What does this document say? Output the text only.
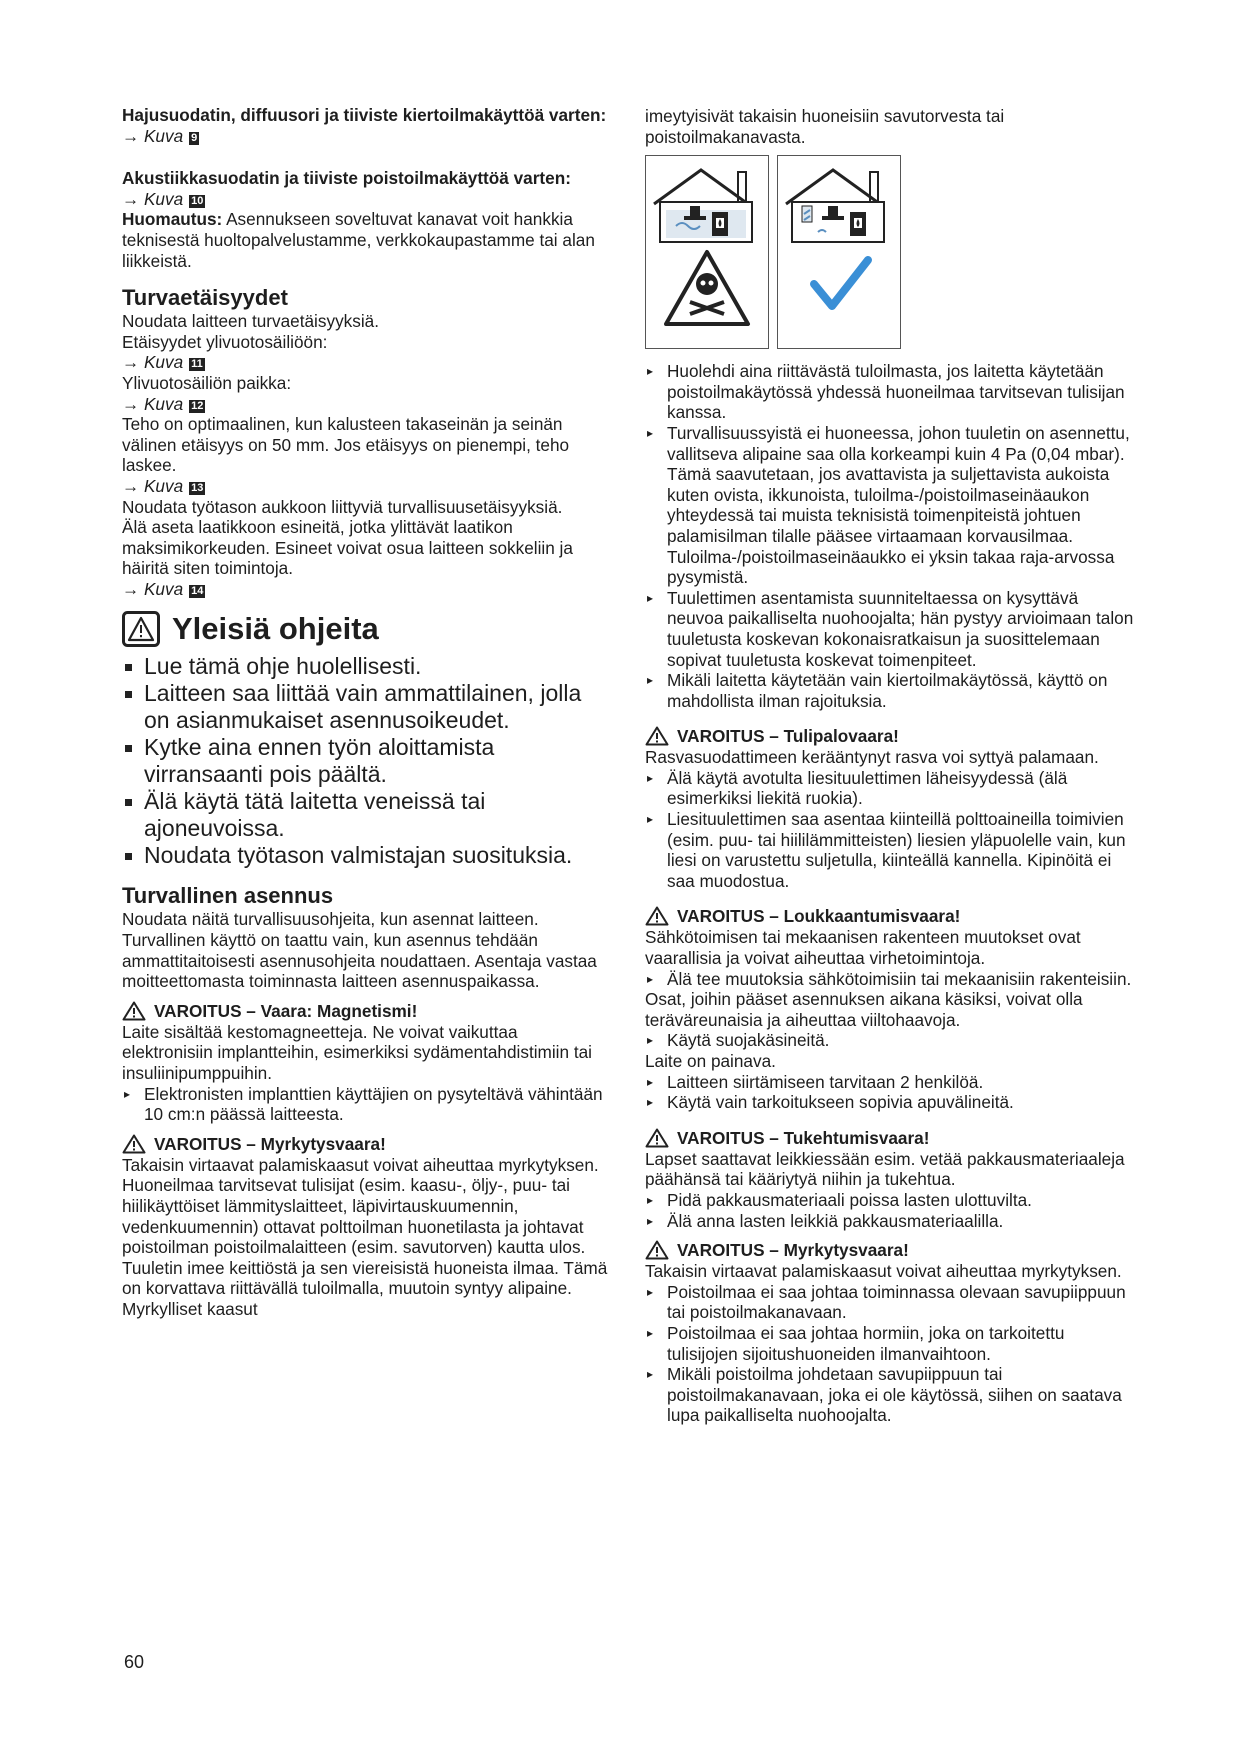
Hajusuodatin, diffuusori ja tiiviste kiertoilmakäyttöä varten:

→ Kuva 9

Akustiikkasuodatin ja tiiviste poistoilmakäyttöä varten:

→ Kuva 10

Huomautus: Asennukseen soveltuvat kanavat voit hankkia teknisestä huoltopalvelustamme, verkkokaupastamme tai alan liikkeistä.

Turvaetäisyydet

Noudata laitteen turvaetäisyyksiä.

Etäisyydet ylivuotosäiliöön:

→ Kuva 11

Ylivuotosäiliön paikka:

→ Kuva 12

Teho on optimaalinen, kun kalusteen takaseinän ja seinän välinen etäisyys on 50 mm. Jos etäisyys on pienempi, teho laskee.

→ Kuva 13

Noudata työtason aukkoon liittyviä turvallisuusetäisyyksiä.

Älä aseta laatikkoon esineitä, jotka ylittävät laatikon maksimikorkeuden. Esineet voivat osua laitteen sokkeliin ja häiritä siten toimintoja.

→ Kuva 14

Yleisiä ohjeita

Lue tämä ohje huolellisesti.
Laitteen saa liittää vain ammattilainen, jolla on asianmukaiset asennusoikeudet.
Kytke aina ennen työn aloittamista virransaanti pois päältä.
Älä käytä tätä laitetta veneissä tai ajoneuvoissa.
Noudata työtason valmistajan suosituksia.

Turvallinen asennus

Noudata näitä turvallisuusohjeita, kun asennat laitteen.

Turvallinen käyttö on taattu vain, kun asennus tehdään ammattitaitoisesti asennusohjeita noudattaen. Asentaja vastaa moitteettomasta toiminnasta laitteen asennuspaikassa.

VAROITUS – Vaara: Magnetismi!

Laite sisältää kestomagneetteja. Ne voivat vaikuttaa elektronisiin implantteihin, esimerkiksi sydämentahdistimiin tai insuliinipumppuihin.

▸ Elektronisten implanttien käyttäjien on pysyteltävä vähintään 10 cm:n päässä laitteesta.

VAROITUS – Myrkytysvaara!

Takaisin virtaavat palamiskaasut voivat aiheuttaa myrkytyksen. Huoneilmaa tarvitsevat tulisijat (esim. kaasu-, öljy-, puu- tai hiilikäyttöiset lämmityslaitteet, läpivirtauskuumennin, vedenkuumennin) ottavat polttoilman huonetilasta ja johtavat poistoilman poistoilmalaitteen (esim. savutorven) kautta ulos. Tuuletin imee keittiöstä ja sen viereisistä huoneista ilmaa. Tämä on korvattava riittävällä tuloilmalla, muutoin syntyy alipaine. Myrkylliset kaasut

imeytyisivät takaisin huoneisiin savutorvesta tai poistoilmakanavasta.

▸ Huolehdi aina riittävästä tuloilmasta, jos laitetta käytetään poistoilmakäytössä yhdessä huoneilmaa tarvitsevan tulisijan kanssa.
▸ Turvallisuussyistä ei huoneessa, johon tuuletin on asennettu, vallitseva alipaine saa olla korkeampi kuin 4 Pa (0,04 mbar). Tämä saavutetaan, jos avattavista ja suljettavista aukoista kuten ovista, ikkunoista, tuloilma-/poistoilmaseinäaukon yhteydessä tai muista teknisistä toimenpiteistä johtuen palamisilman tilalle pääsee virtaamaan korvausilmaa. Tuloilma-/poistoilmaseinäaukko ei yksin takaa raja-arvossa pysymistä.
▸ Tuulettimen asentamista suunniteltaessa on kysyttävä neuvoa paikalliselta nuohoojalta; hän pystyy arvioimaan talon tuuletusta koskevan kokonaisratkaisun ja suosittelemaan sopivat tuuletusta koskevat toimenpiteet.
▸ Mikäli laitetta käytetään vain kiertoilmakäytössä, käyttö on mahdollista ilman rajoituksia.

VAROITUS – Tulipalovaara!

Rasvasuodattimeen kerääntynyt rasva voi syttyä palamaan.

▸ Älä käytä avotulta liesituulettimen läheisyydessä (älä esimerkiksi liekitä ruokia).
▸ Liesituulettimen saa asentaa kiinteillä polttoaineilla toimivien (esim. puu- tai hiililämmitteisten) liesien yläpuolelle vain, kun liesi on varustettu suljetulla, kiinteällä kannella. Kipinöitä ei saa muodostua.

VAROITUS – Loukkaantumisvaara!

Sähkötoimisen tai mekaanisen rakenteen muutokset ovat vaarallisia ja voivat aiheuttaa virhetoimintoja.

▸ Älä tee muutoksia sähkötoimisiin tai mekaanisiin rakenteisiin.

Osat, joihin pääset asennuksen aikana käsiksi, voivat olla teräväreunaisia ja aiheuttaa viiltohaavoja.

▸ Käytä suojakäsineitä.

Laite on painava.

▸ Laitteen siirtämiseen tarvitaan 2 henkilöä.
▸ Käytä vain tarkoitukseen sopivia apuvälineitä.

VAROITUS – Tukehtumisvaara!

Lapset saattavat leikkiessään esim. vetää pakkausmateriaaleja päähänsä tai kääriytyä niihin ja tukehtua.

▸ Pidä pakkausmateriaali poissa lasten ulottuvilta.
▸ Älä anna lasten leikkiä pakkausmateriaalilla.

VAROITUS – Myrkytysvaara!

Takaisin virtaavat palamiskaasut voivat aiheuttaa myrkytyksen.

▸ Poistoilmaa ei saa johtaa toiminnassa olevaan savupiippuun tai poistoilmakanavaan.
▸ Poistoilmaa ei saa johtaa hormiin, joka on tarkoitettu tulisijojen sijoitushuoneiden ilmanvaihtoon.
▸ Mikäli poistoilma johdetaan savupiippuun tai poistoilmakanavaan, joka ei ole käytössä, siihen on saatava lupa paikalliselta nuohoojalta.
60
